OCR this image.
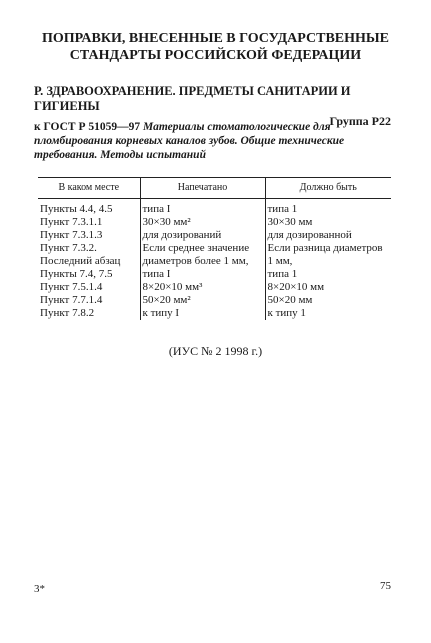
ПОПРАВКИ, ВНЕСЕННЫЕ В ГОСУДАРСТВЕННЫЕ
СТАНДАРТЫ РОССИЙСКОЙ ФЕДЕРАЦИИ
Р. ЗДРАВООХРАНЕНИЕ. ПРЕДМЕТЫ САНИТАРИИ И ГИГИЕНЫ
Группа Р22
к ГОСТ Р 51059—97 Материалы стоматологические для пломбирования корневых каналов зубов. Общие технические требования. Методы испытаний
В каком месте	Напечатано	Должно быть
Пункты 4.4, 4.5	типа I	типа 1
Пункт 7.3.1.1	30×30 мм²	30×30 мм
Пункт 7.3.1.3	для дозирований	для дозированной
Пункт 7.3.2. Последний абзац	Если среднее значение диаметров более 1 мм,	Если разница диаметров 1 мм,
Пункты 7.4, 7.5	типа I	типа 1
Пункт 7.5.1.4	8×20×10 мм³	8×20×10 мм
Пункт 7.7.1.4	50×20 мм²	50×20 мм
Пункт 7.8.2	к типу I	к типу 1
(ИУС № 2 1998 г.)
3*	75
